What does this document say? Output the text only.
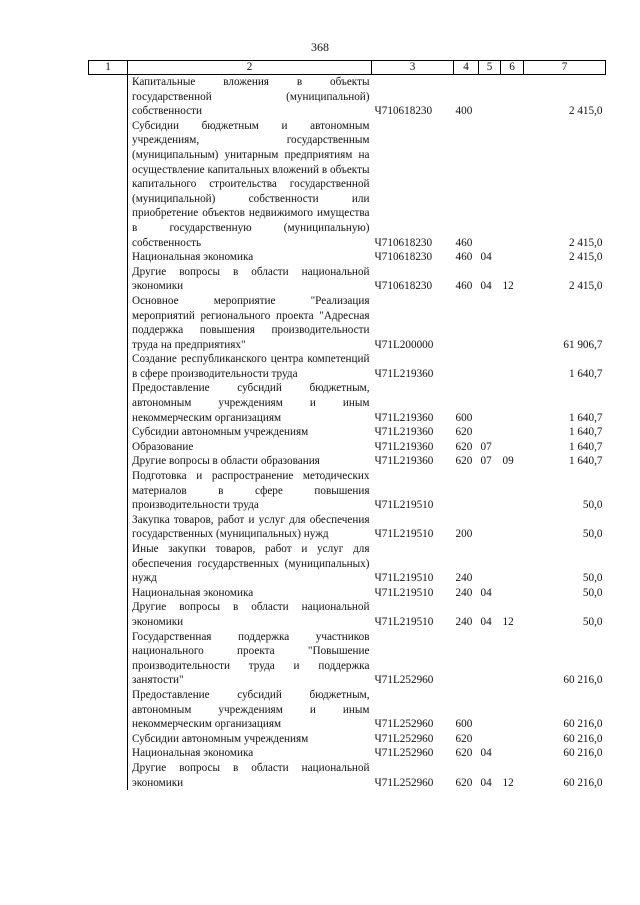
368
1	2	3	4	5	6	7
	Капитальные вложения в объекты государственной (муниципальной) собственности	Ч710618230	400			2 415,0
	Субсидии бюджетным и автономным учреждениям, государственным (муниципальным) унитарным предприятиям на осуществление капитальных вложений в объекты капитального строительства государственной (муниципальной) собственности или приобретение объектов недвижимого имущества в государственную (муниципальную) собственность	Ч710618230	460			2 415,0
	Национальная экономика	Ч710618230	460	04		2 415,0
	Другие вопросы в области национальной экономики	Ч710618230	460	04	12	2 415,0
	Основное мероприятие "Реализация мероприятий регионального проекта "Адресная поддержка повышения производительности труда на предприятиях"	Ч71L200000				61 906,7
	Создание республиканского центра компетенций в сфере производительности труда	Ч71L219360				1 640,7
	Предоставление субсидий бюджетным, автономным учреждениям и иным некоммерческим организациям	Ч71L219360	600			1 640,7
	Субсидии автономным учреждениям	Ч71L219360	620			1 640,7
	Образование	Ч71L219360	620	07		1 640,7
	Другие вопросы в области образования	Ч71L219360	620	07	09	1 640,7
	Подготовка и распространение методических материалов в сфере повышения производительности труда	Ч71L219510				50,0
	Закупка товаров, работ и услуг для обеспечения государственных (муниципальных) нужд	Ч71L219510	200			50,0
	Иные закупки товаров, работ и услуг для обеспечения государственных (муниципальных) нужд	Ч71L219510	240			50,0
	Национальная экономика	Ч71L219510	240	04		50,0
	Другие вопросы в области национальной экономики	Ч71L219510	240	04	12	50,0
	Государственная поддержка участников национального проекта "Повышение производительности труда и поддержка занятости"	Ч71L252960				60 216,0
	Предоставление субсидий бюджетным, автономным учреждениям и иным некоммерческим организациям	Ч71L252960	600			60 216,0
	Субсидии автономным учреждениям	Ч71L252960	620			60 216,0
	Национальная экономика	Ч71L252960	620	04		60 216,0
	Другие вопросы в области национальной экономики	Ч71L252960	620	04	12	60 216,0
